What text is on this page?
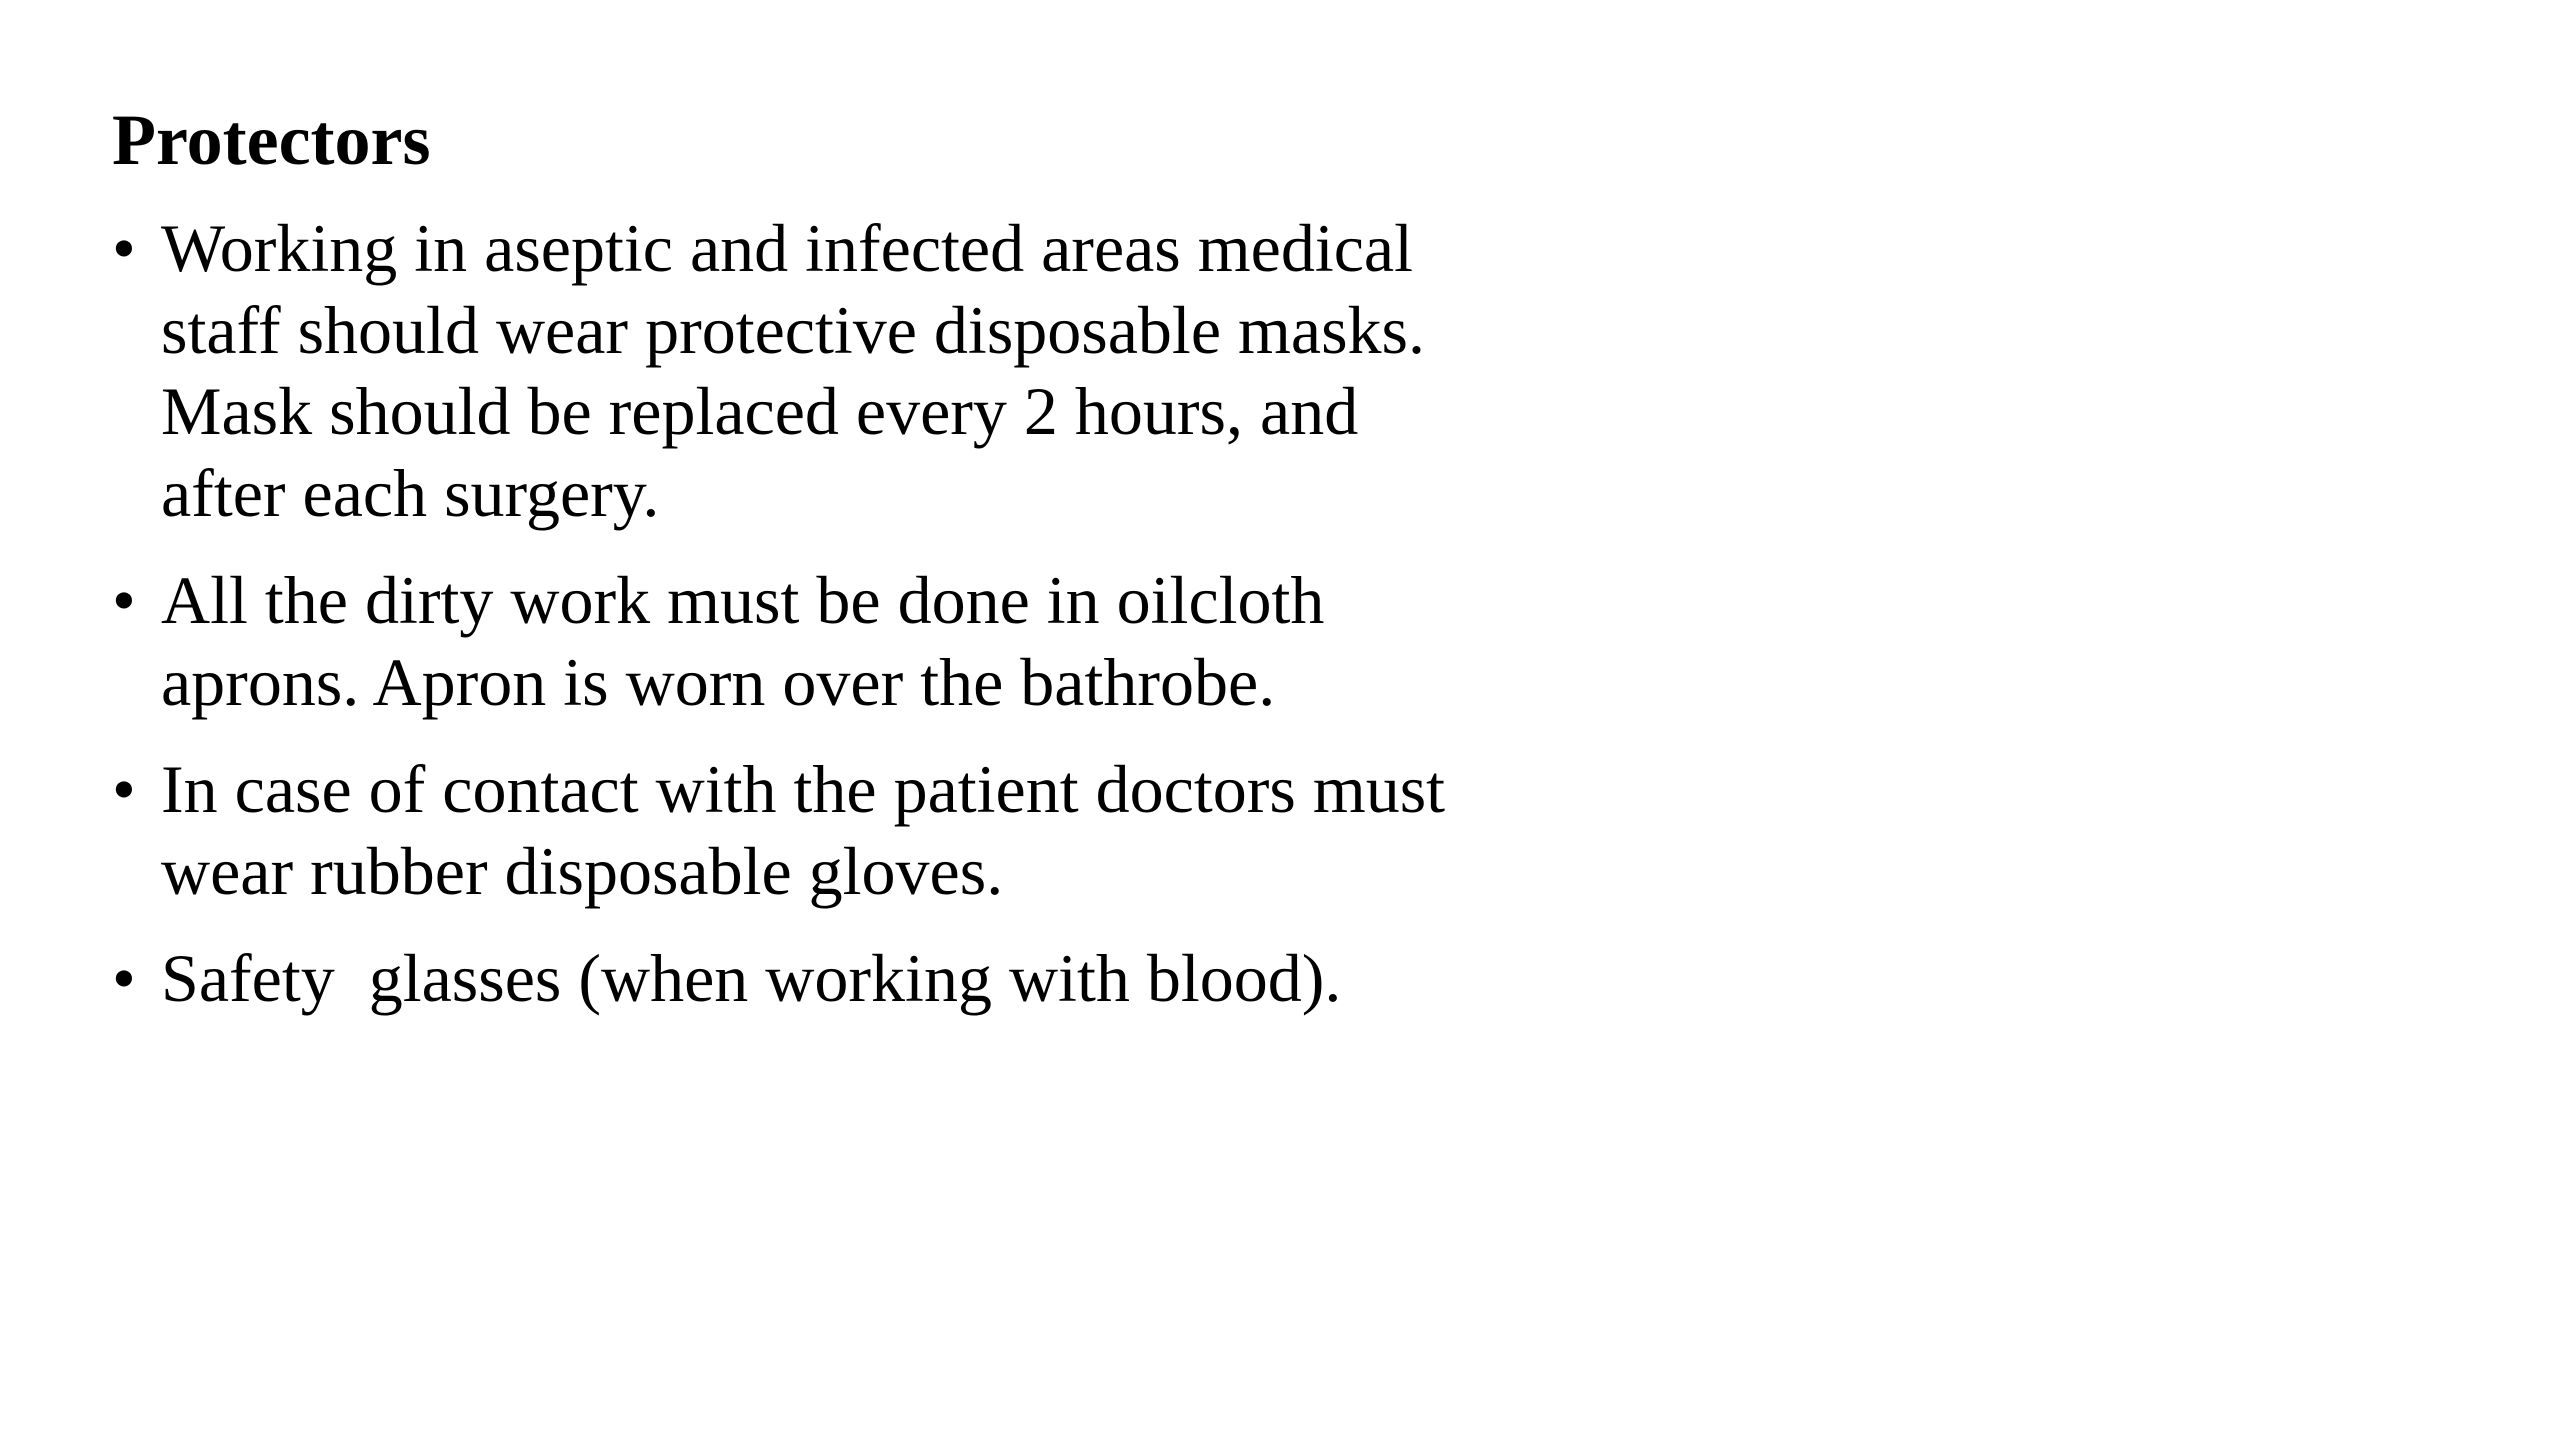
Protectors
• Working in aseptic and infected areas medical
staff should wear protective disposable masks.
Mask should be replaced every 2 hours, and
after each surgery.
• All the dirty work must be done in oilcloth
aprons. Apron is worn over the bathrobe.
• In case of contact with the patient doctors must
wear rubber disposable gloves.
• Safety  glasses (when working with blood).
